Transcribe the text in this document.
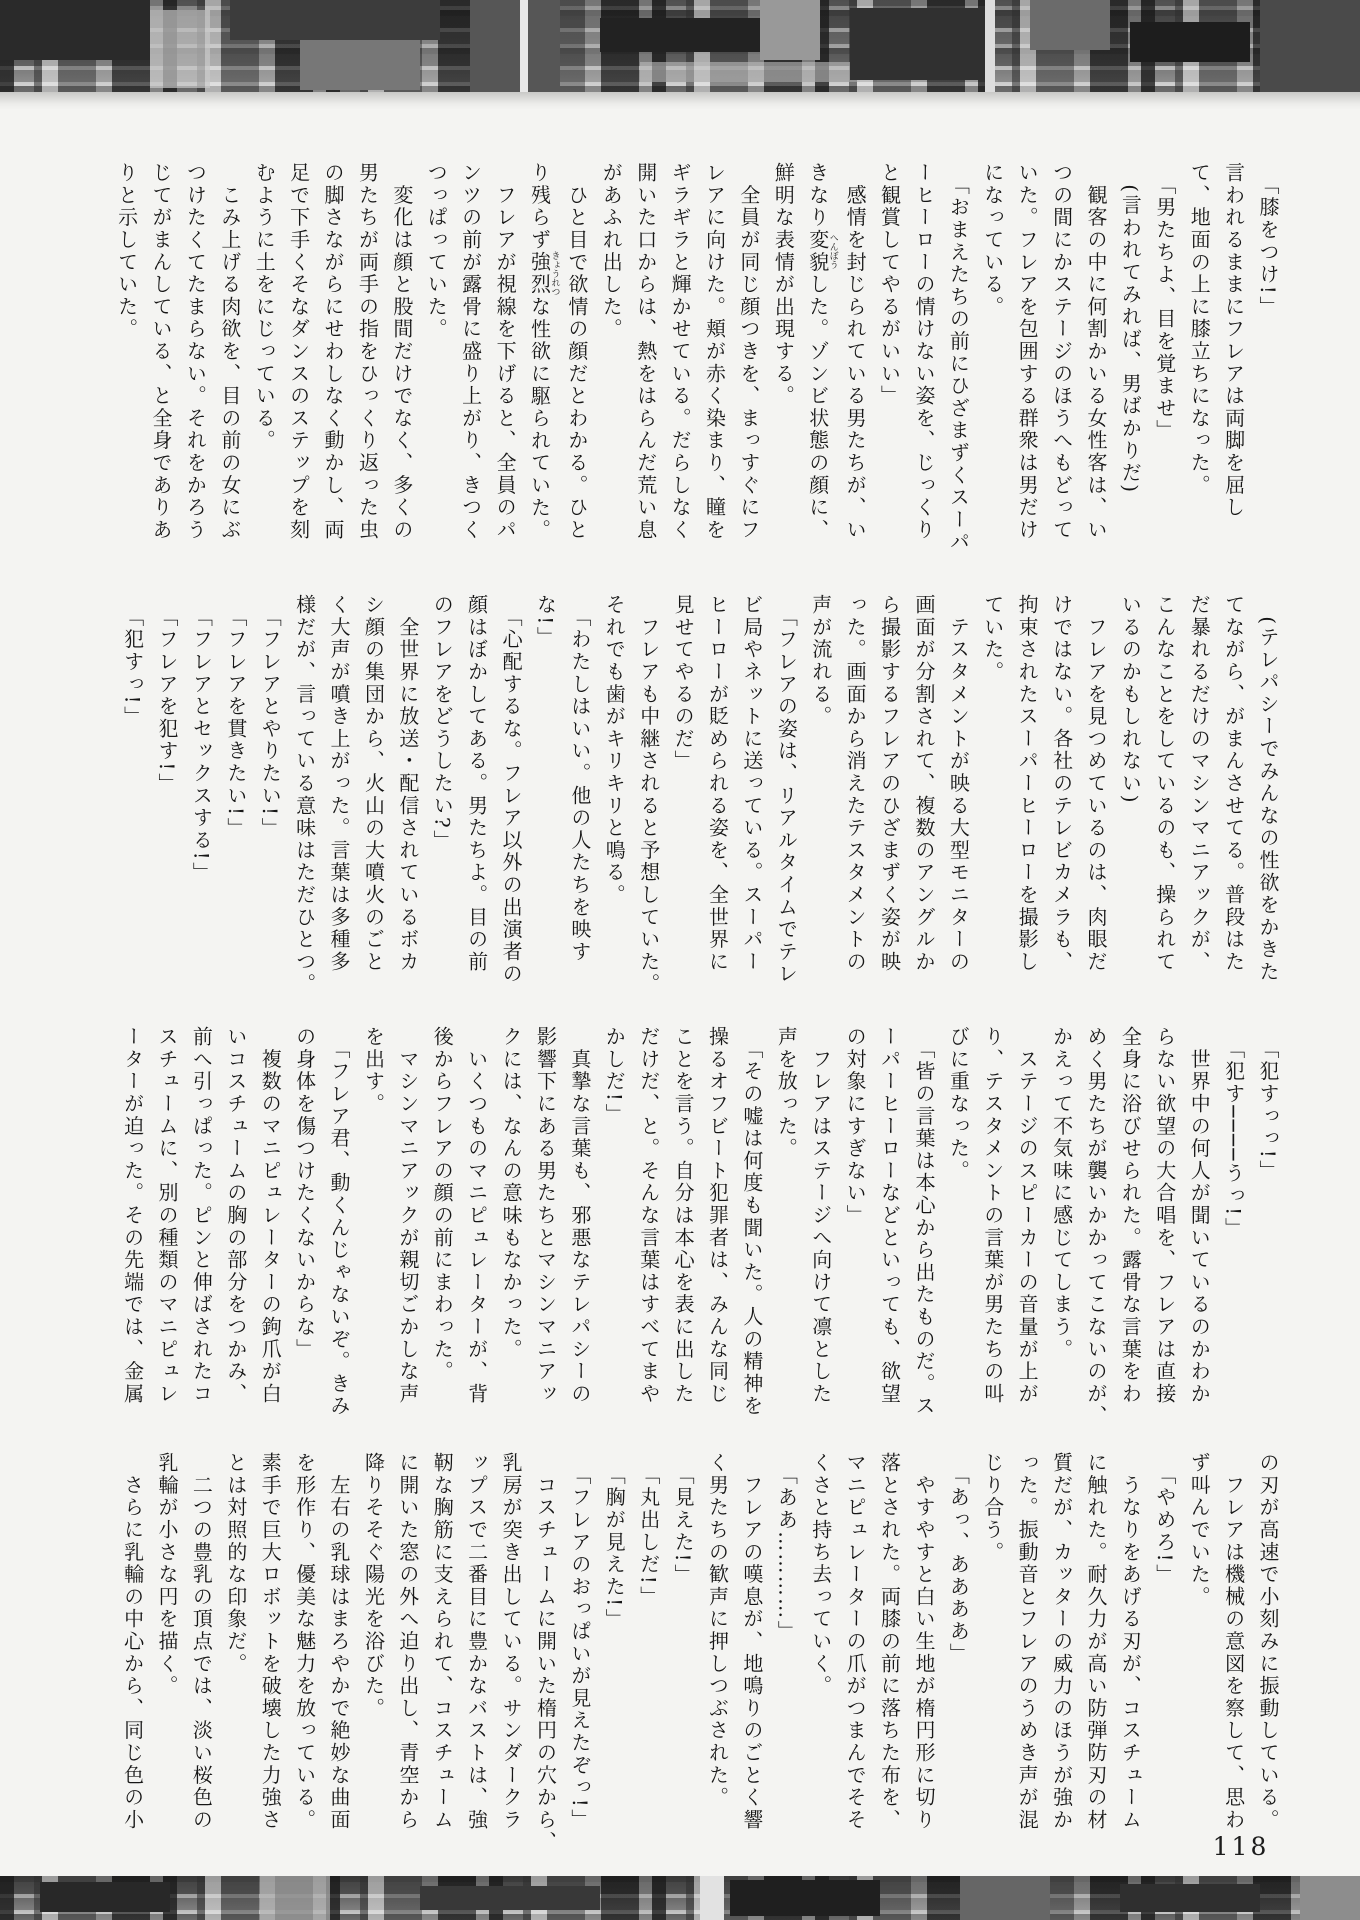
　「膝をつけ!」

言われるままにフレアは両脚を屈し

て、地面の上に膝立ちになった。

　「男たちよ、目を覚ませ」

　(言われてみれば、男ばかりだ)

　観客の中に何割かいる女性客は、い

つの間にかステージのほうへもどって

いた。フレアを包囲する群衆は男だけ

になっている。

　「おまえたちの前にひざまずくスーパ

ーヒーローの情けない姿を、じっくり

と観賞してやるがいい」

　感情を封じられている男たちが、い

きなり変貌へんぼうした。ゾンビ状態の顔に、

鮮明な表情が出現する。

　全員が同じ顔つきを、まっすぐにフ

レアに向けた。頬が赤く染まり、瞳を

ギラギラと輝かせている。だらしなく

開いた口からは、熱をはらんだ荒い息

があふれ出した。

　ひと目で欲情の顔だとわかる。ひと

り残らず強烈きょうれつな性欲に駆られていた。

　フレアが視線を下げると、全員のパ

ンツの前が露骨に盛り上がり、きつく

つっぱっていた。

　変化は顔と股間だけでなく、多くの

男たちが両手の指をひっくり返った虫

の脚さながらにせわしなく動かし、両

足で下手くそなダンスのステップを刻

むように土をにじっている。

　こみ上げる肉欲を、目の前の女にぶ

つけたくてたまらない。それをかろう

じてがまんしている、と全身でありあ

りと示していた。

　(テレパシーでみんなの性欲をかきた

てながら、がまんさせてる。普段はた

だ暴れるだけのマシンマニアックが、

こんなことをしているのも、操られて

いるのかもしれない)

　フレアを見つめているのは、肉眼だ

けではない。各社のテレビカメラも、

拘束されたスーパーヒーローを撮影し

ていた。

　テスタメントが映る大型モニターの

画面が分割されて、複数のアングルか

ら撮影するフレアのひざまずく姿が映

った。画面から消えたテスタメントの

声が流れる。

　「フレアの姿は、リアルタイムでテレ

ビ局やネットに送っている。スーパー

ヒーローが貶められる姿を、全世界に

見せてやるのだ」

　フレアも中継されると予想していた。

それでも歯がキリキリと鳴る。

　「わたしはいい。他の人たちを映す

な!」

　「心配するな。フレア以外の出演者の

顔はぼかしてある。男たちよ。目の前

のフレアをどうしたい?」

　全世界に放送・配信されているボカ

シ顔の集団から、火山の大噴火のごと

く大声が噴き上がった。言葉は多種多

様だが、言っている意味はただひとつ。

　「フレアとやりたい!」

　「フレアを貫きたい!」

　「フレアとセックスする!」

　「フレアを犯す!」

　「犯すっ!」

　「犯すっっ!」

　「犯す────うっ!」

　世界中の何人が聞いているのかわか

らない欲望の大合唱を、フレアは直接

全身に浴びせられた。露骨な言葉をわ

めく男たちが襲いかかってこないのが、

かえって不気味に感じてしまう。

　ステージのスピーカーの音量が上が

り、テスタメントの言葉が男たちの叫

びに重なった。

　「皆の言葉は本心から出たものだ。ス

ーパーヒーローなどといっても、欲望

の対象にすぎない」

　フレアはステージへ向けて凛とした

声を放った。

　「その嘘は何度も聞いた。人の精神を

操るオフビート犯罪者は、みんな同じ

ことを言う。自分は本心を表に出した

だけだ、と。そんな言葉はすべてまや

かしだ!」

　真摯な言葉も、邪悪なテレパシーの

影響下にある男たちとマシンマニアッ

クには、なんの意味もなかった。

　いくつものマニピュレーターが、背

後からフレアの顔の前にまわった。

　マシンマニアックが親切ごかしな声

を出す。

　「フレア君、動くんじゃないぞ。きみ

の身体を傷つけたくないからな」

　複数のマニピュレーターの鉤爪が白

いコスチュームの胸の部分をつかみ、

前へ引っぱった。ピンと伸ばされたコ

スチュームに、別の種類のマニピュレ

ーターが迫った。その先端では、金属

の刃が高速で小刻みに振動している。

　フレアは機械の意図を察して、思わ

ず叫んでいた。

　「やめろ!」

　うなりをあげる刃が、コスチューム

に触れた。耐久力が高い防弾防刃の材

質だが、カッターの威力のほうが強か

った。振動音とフレアのうめき声が混

じり合う。

　「あっ、ああああ」

　やすやすと白い生地が楕円形に切り

落とされた。両膝の前に落ちた布を、

マニピュレーターの爪がつまんでそそ

くさと持ち去っていく。

　「ああ…………」

　フレアの嘆息が、地鳴りのごとく響

く男たちの歓声に押しつぶされた。

　「見えた!」

　「丸出しだ!」

　「胸が見えた!」

　「フレアのおっぱいが見えたぞっ!」

　コスチュームに開いた楕円の穴から、

乳房が突き出している。サンダークラ

ップスで二番目に豊かなバストは、強

靭な胸筋に支えられて、コスチューム

に開いた窓の外へ迫り出し、青空から

降りそそぐ陽光を浴びた。

　左右の乳球はまろやかで絶妙な曲面

を形作り、優美な魅力を放っている。

素手で巨大ロボットを破壊した力強さ

とは対照的な印象だ。

　二つの豊乳の頂点では、淡い桜色の

乳輪が小さな円を描く。

　さらに乳輪の中心から、同じ色の小

118
